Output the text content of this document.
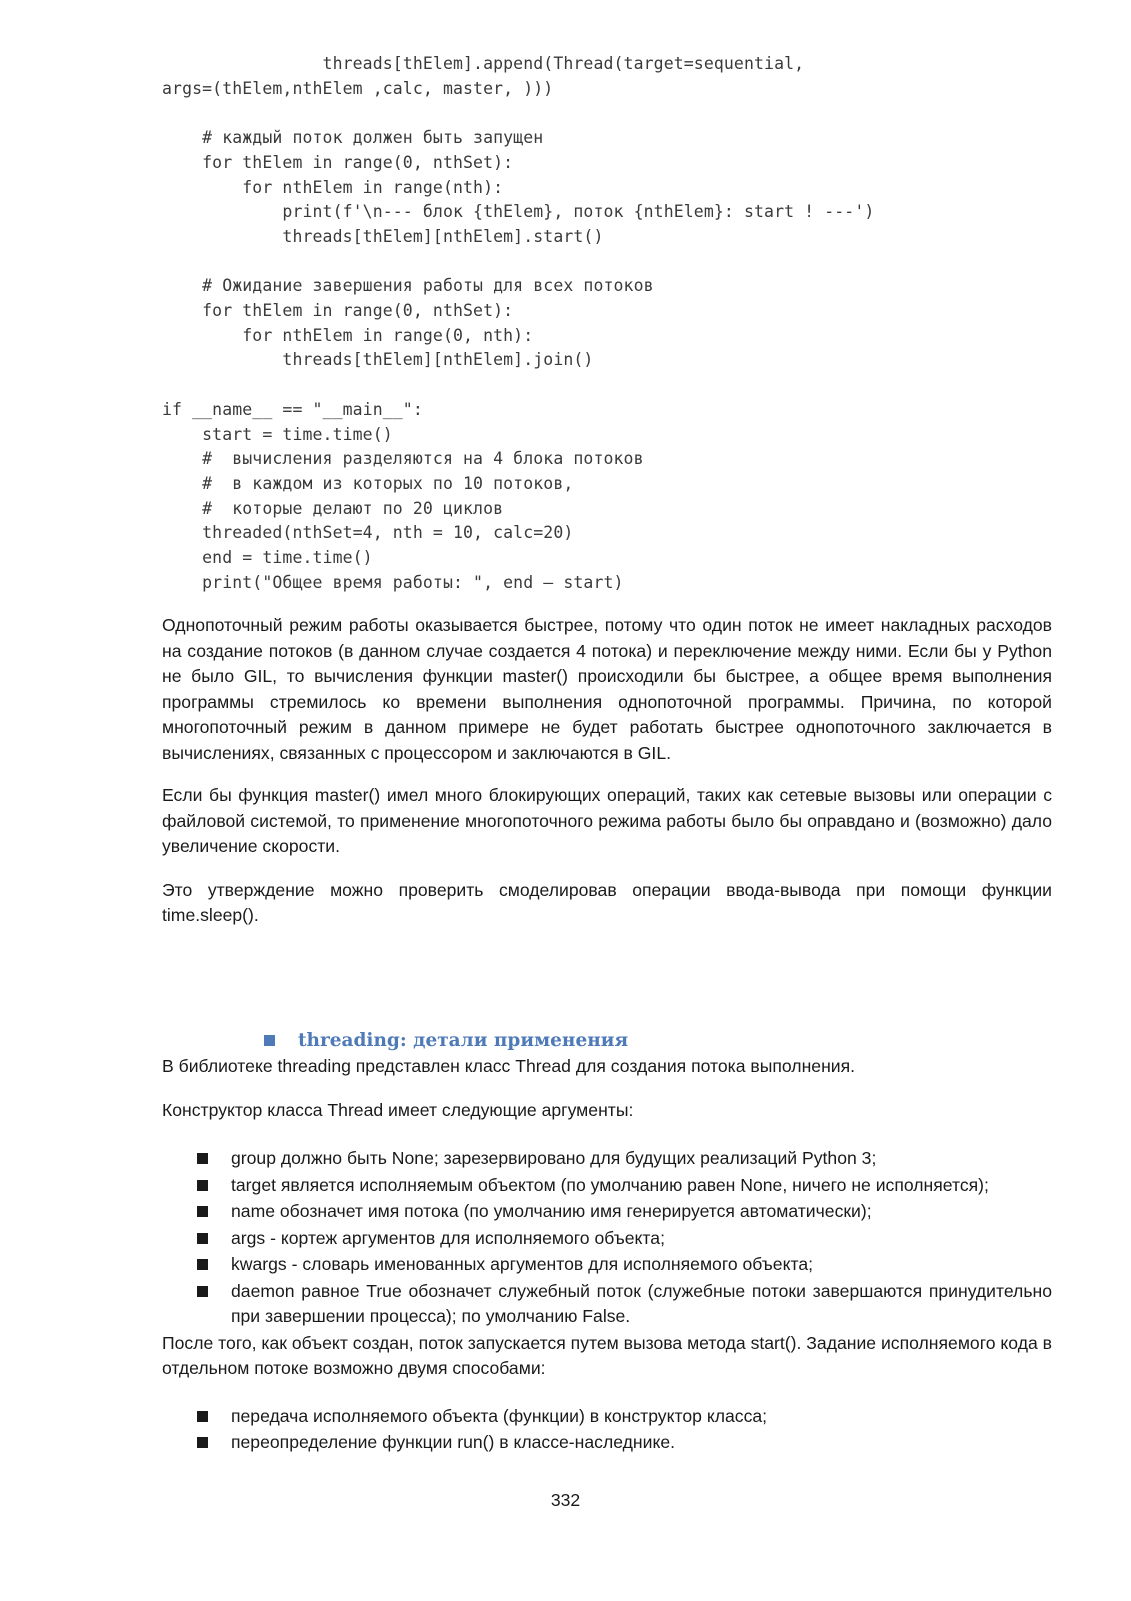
threads[thElem].append(Thread(target=sequential,
args=(thElem,nthElem ,calc, master, )))

# каждый поток должен быть запущен
for thElem in range(0, nthSet):
for nthElem in range(nth):
print(f'\n--- блок {thElem}, поток {nthElem}: start ! ---')
threads[thElem][nthElem].start()

# Ожидание завершения работы для всех потоков
for thElem in range(0, nthSet):
for nthElem in range(0, nth):
threads[thElem][nthElem].join()

if __name__ == "__main__":
start = time.time()
#  вычисления разделяются на 4 блока потоков
#  в каждом из которых по 10 потоков,
#  которые делают по 20 циклов
threaded(nthSet=4, nth = 10, calc=20)
end = time.time()
print("Общее время работы: ", end — start)

Однопоточный режим работы оказывается быстрее, потому что один поток не имеет накладных расходов на создание потоков (в данном случае создается 4 потока) и переключение между ними. Если бы у Python не было GIL, то вычисления функции master() происходили бы быстрее, а общее время выполнения программы стремилось ко времени выполнения однопоточной программы. Причина, по которой многопоточный режим в данном примере не будет работать быстрее однопоточного заключается в вычислениях, связанных с процессором и заключаются в GIL.

Если бы функция master() имел много блокирующих операций, таких как сетевые вызовы или операции с файловой системой, то применение многопоточного режима работы было бы оправдано и (возможно) дало увеличение скорости.

Это утверждение можно проверить смоделировав операции ввода-вывода при помощи функции time.sleep().

threading: детали применения

В библиотеке threading представлен класс Thread для создания потока выполнения.

Конструктор класса Thread имеет следующие аргументы:

group должно быть None; зарезервировано для будущих реализаций Python 3;
target является исполняемым объектом (по умолчанию равен None, ничего не исполняется);
name обозначет имя потока (по умолчанию имя генерируется автоматически);
args - кортеж аргументов для исполняемого объекта;
kwargs - словарь именованных аргументов для исполняемого объекта;
daemon равное True обозначет служебный поток (служебные потоки завершаются принудительно при завершении процесса); по умолчанию False.

После того, как объект создан, поток запускается путем вызова метода start(). Задание исполняемого кода в отдельном потоке возможно двумя способами:

передача исполняемого объекта (функции) в конструктор класса;
переопределение функции run() в классе-наследнике.
332
